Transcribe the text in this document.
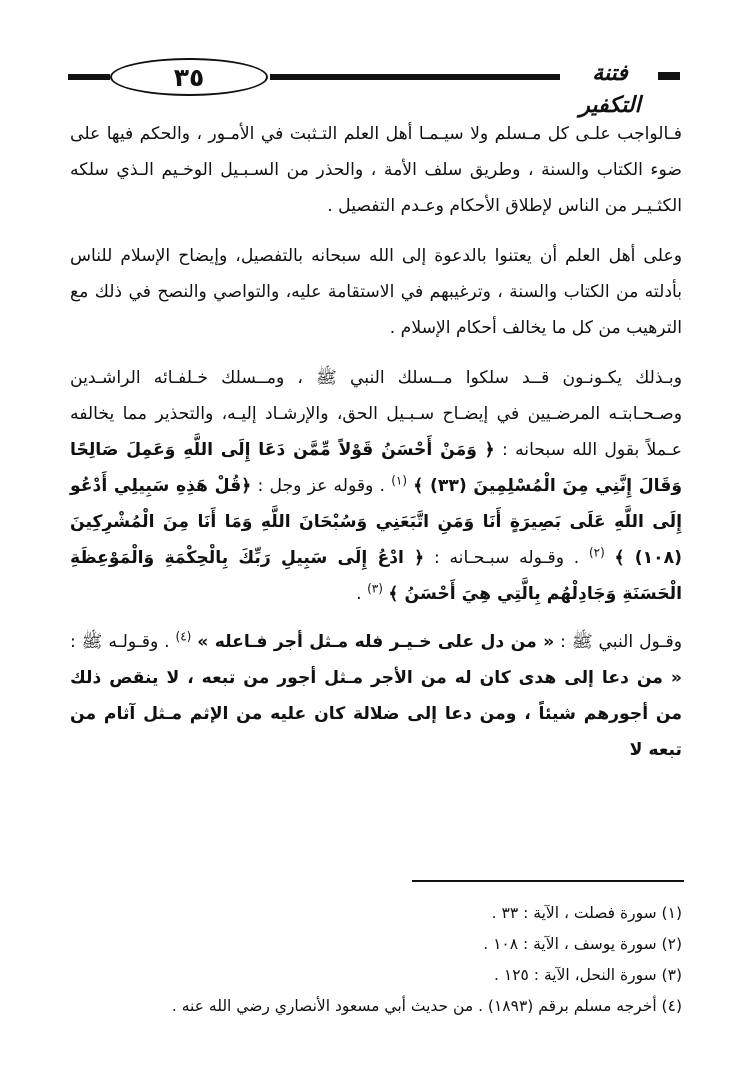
٣٥	فتنة التكفير

فـالواجب علـى كل مـسلم ولا سيـمـا أهل العلم التـثبت في الأمـور ، والحكم فيها على ضوء الكتاب والسنة ، وطريق سلف الأمة ، والحذر من السـبـيل الوخـيم الـذي سلكه الكثـيـر من الناس لإطلاق الأحكام وعـدم التفصيل .

وعلى أهل العلم أن يعتنوا بالدعوة إلى الله سبحانه بالتفصيل، وإيضاح الإسلام للناس بأدلته من الكتاب والسنة ، وترغيبهم في الاستقامة عليه، والتواصي والنصح في ذلك مع الترهيب من كل ما يخالف أحكام الإسلام .

وبـذلك يكـونـون قــد سلكوا مــسلك النبي ﷺ ، ومــسلك خـلفـائه الراشـدين وصـحـابتـه المرضـيين في إيضـاح سـبـيل الحق، والإرشـاد إليـه، والتحذير مما يخالفه عـملاً بقول الله سبحانه : ﴿ وَمَنْ أَحْسَنُ قَوْلاً مِّمَّن دَعَا إِلَى اللَّهِ وَعَمِلَ صَالِحًا وَقَالَ إِنَّنِي مِنَ الْمُسْلِمِينَ (٣٣) ﴾ $^{(١)}$ . وقوله عز وجل : ﴿قُلْ هَذِهِ سَبِيلِي أَدْعُو إِلَى اللَّهِ عَلَى بَصِيرَةٍ أَنَا وَمَنِ اتَّبَعَنِي وَسُبْحَانَ اللَّهِ وَمَا أَنَا مِنَ الْمُشْرِكِينَ (١٠٨) ﴾ $^{(٢)}$ . وقـوله سبـحـانه : ﴿ ادْعُ إِلَى سَبِيلِ رَبِّكَ بِالْحِكْمَةِ وَالْمَوْعِظَةِ الْحَسَنَةِ وَجَادِلْهُم بِالَّتِي هِيَ أَحْسَنُ ﴾ $^{(٣)}$ .

وقـول النبي ﷺ : « من دل على خـيـر فله مـثل أجر فـاعله » $^{(٤)}$ . وقـولـه ﷺ : « من دعا إلى هدى كان له من الأجر مـثل أجور من تبعه ، لا ينقص ذلك من أجورهم شيئاً ، ومن دعا إلى ضلالة كان عليه من الإثم مـثل آثام من تبعه لا

(١) سورة فصلت ، الآية : ٣٣ .
(٢) سورة يوسف ، الآية : ١٠٨ .
(٣) سورة النحل، الآية : ١٢٥ .
(٤) أخرجه مسلم برقم (١٨٩٣) . من حديث أبي مسعود الأنصاري رضي الله عنه .
